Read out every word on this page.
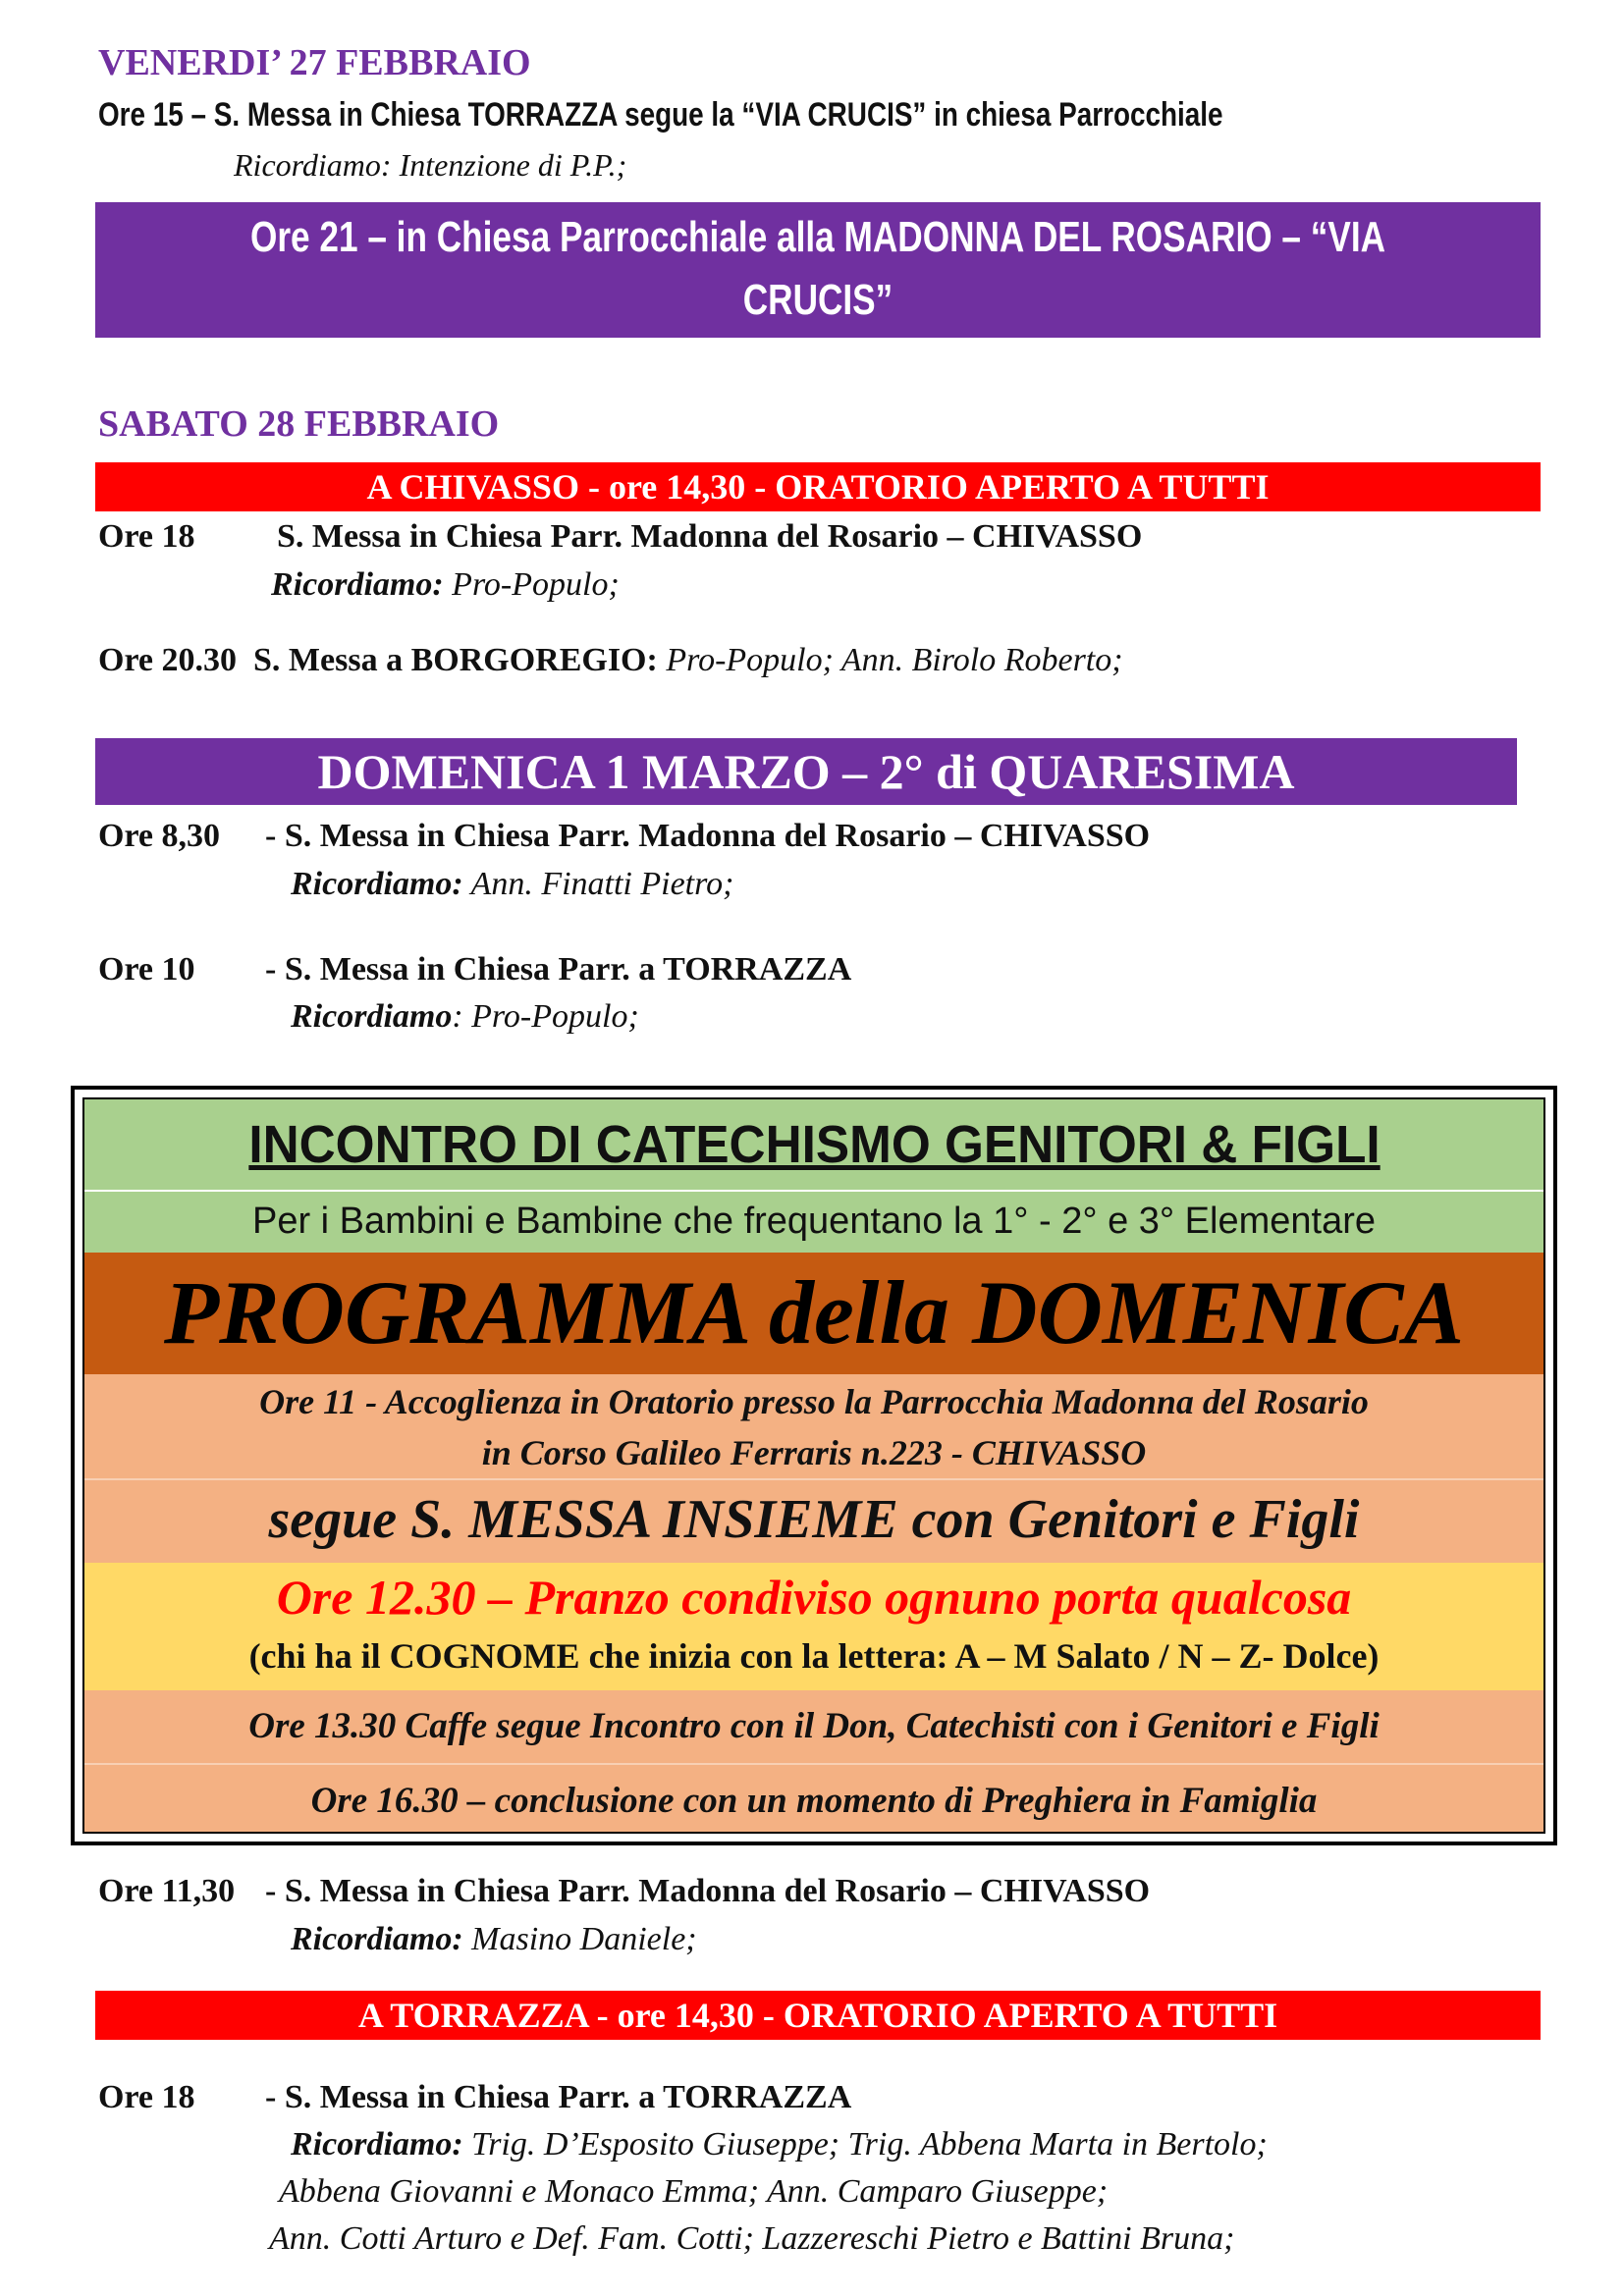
VENERDI’ 27 FEBBRAIO
Ore 15 – S. Messa in Chiesa TORRAZZA segue la “VIA CRUCIS” in chiesa Parrocchiale
Ricordiamo: Intenzione di P.P.;
Ore 21 – in Chiesa Parrocchiale alla MADONNA DEL ROSARIO – “VIA CRUCIS”
animata dai Priori Madonna del Rosario e dai Priori San Giacomo Maggiore
SABATO 28 FEBBRAIO
A CHIVASSO - ore 14,30 - ORATORIO APERTO A TUTTI
Ore 18 S. Messa in Chiesa Parr. Madonna del Rosario – CHIVASSO
Ricordiamo: Pro-Populo;
Ore 20.30 S. Messa a BORGOREGIO: Pro-Populo; Ann. Birolo Roberto;
DOMENICA 1 MARZO – 2° di QUARESIMA
Ore 8,30 - S. Messa in Chiesa Parr. Madonna del Rosario – CHIVASSO
Ricordiamo: Ann. Finatti Pietro;
Ore 10 - S. Messa in Chiesa Parr. a TORRAZZA
Ricordiamo: Pro-Populo;
INCONTRO DI CATECHISMO GENITORI & FIGLI
Per i Bambini e Bambine che frequentano la 1° - 2° e 3° Elementare
PROGRAMMA della DOMENICA
Ore 11 - Accoglienza in Oratorio presso la Parrocchia Madonna del Rosario
in Corso Galileo Ferraris n.223 - CHIVASSO
segue S. MESSA INSIEME con Genitori e Figli
Ore 12.30 – Pranzo condiviso ognuno porta qualcosa
(chi ha il COGNOME che inizia con la lettera: A – M Salato / N – Z- Dolce)
Ore 13.30 Caffe segue Incontro con il Don, Catechisti con i Genitori e Figli
Ore 16.30 – conclusione con un momento di Preghiera in Famiglia
Ore 11,30 - S. Messa in Chiesa Parr. Madonna del Rosario – CHIVASSO
Ricordiamo: Masino Daniele;
A TORRAZZA - ore 14,30 - ORATORIO APERTO A TUTTI
Ore 18 - S. Messa in Chiesa Parr. a TORRAZZA
Ricordiamo: Trig. D’Esposito Giuseppe; Trig. Abbena Marta in Bertolo;
Abbena Giovanni e Monaco Emma; Ann. Camparo Giuseppe;
Ann. Cotti Arturo e Def. Fam. Cotti; Lazzereschi Pietro e Battini Bruna;
